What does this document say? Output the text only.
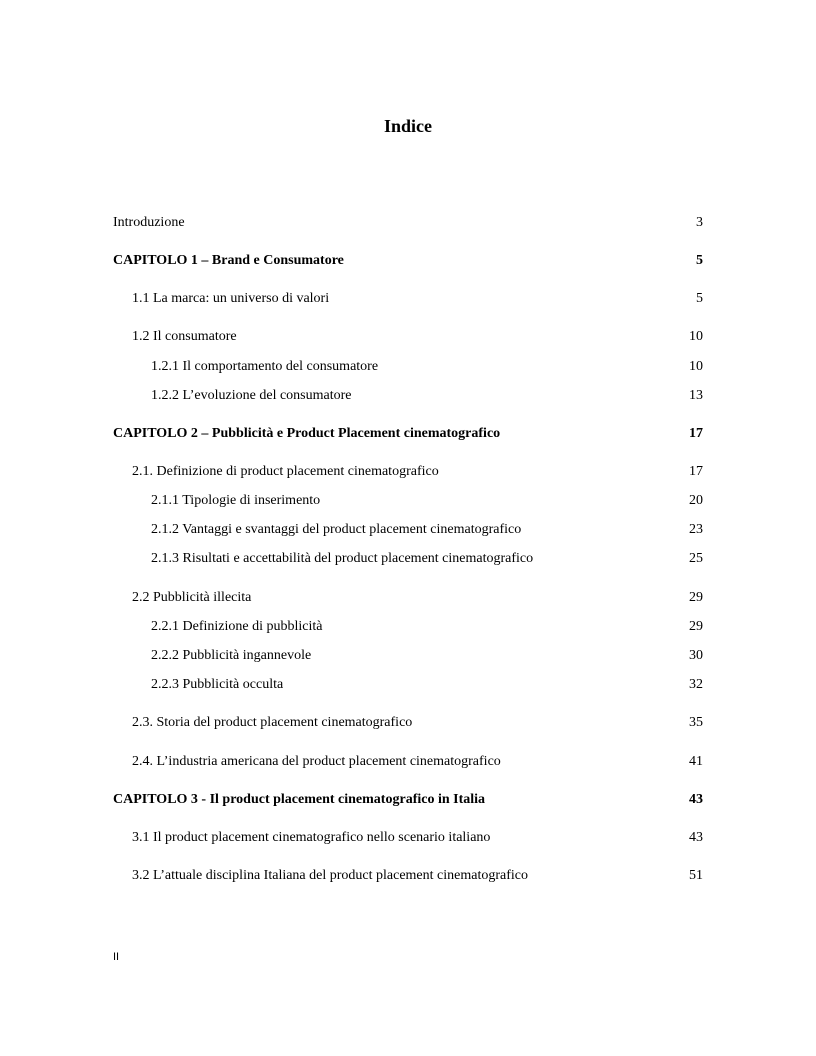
Indice
Introduzione	3
CAPITOLO 1 – Brand e Consumatore	5
1.1 La marca: un universo di valori	5
1.2 Il consumatore	10
1.2.1 Il comportamento del consumatore	10
1.2.2 L’evoluzione del consumatore	13
CAPITOLO 2 – Pubblicità e Product Placement cinematografico	17
2.1. Definizione di product placement cinematografico	17
2.1.1 Tipologie di inserimento	20
2.1.2 Vantaggi e svantaggi del product placement cinematografico	23
2.1.3 Risultati e accettabilità del product placement cinematografico	25
2.2 Pubblicità illecita	29
2.2.1 Definizione di pubblicità	29
2.2.2 Pubblicità ingannevole	30
2.2.3 Pubblicità occulta	32
2.3. Storia del product placement cinematografico	35
2.4. L’industria americana del product placement cinematografico	41
CAPITOLO 3 - Il product placement cinematografico in Italia	43
3.1 Il product placement cinematografico nello scenario italiano	43
3.2 L’attuale disciplina Italiana del product placement cinematografico	51
II
